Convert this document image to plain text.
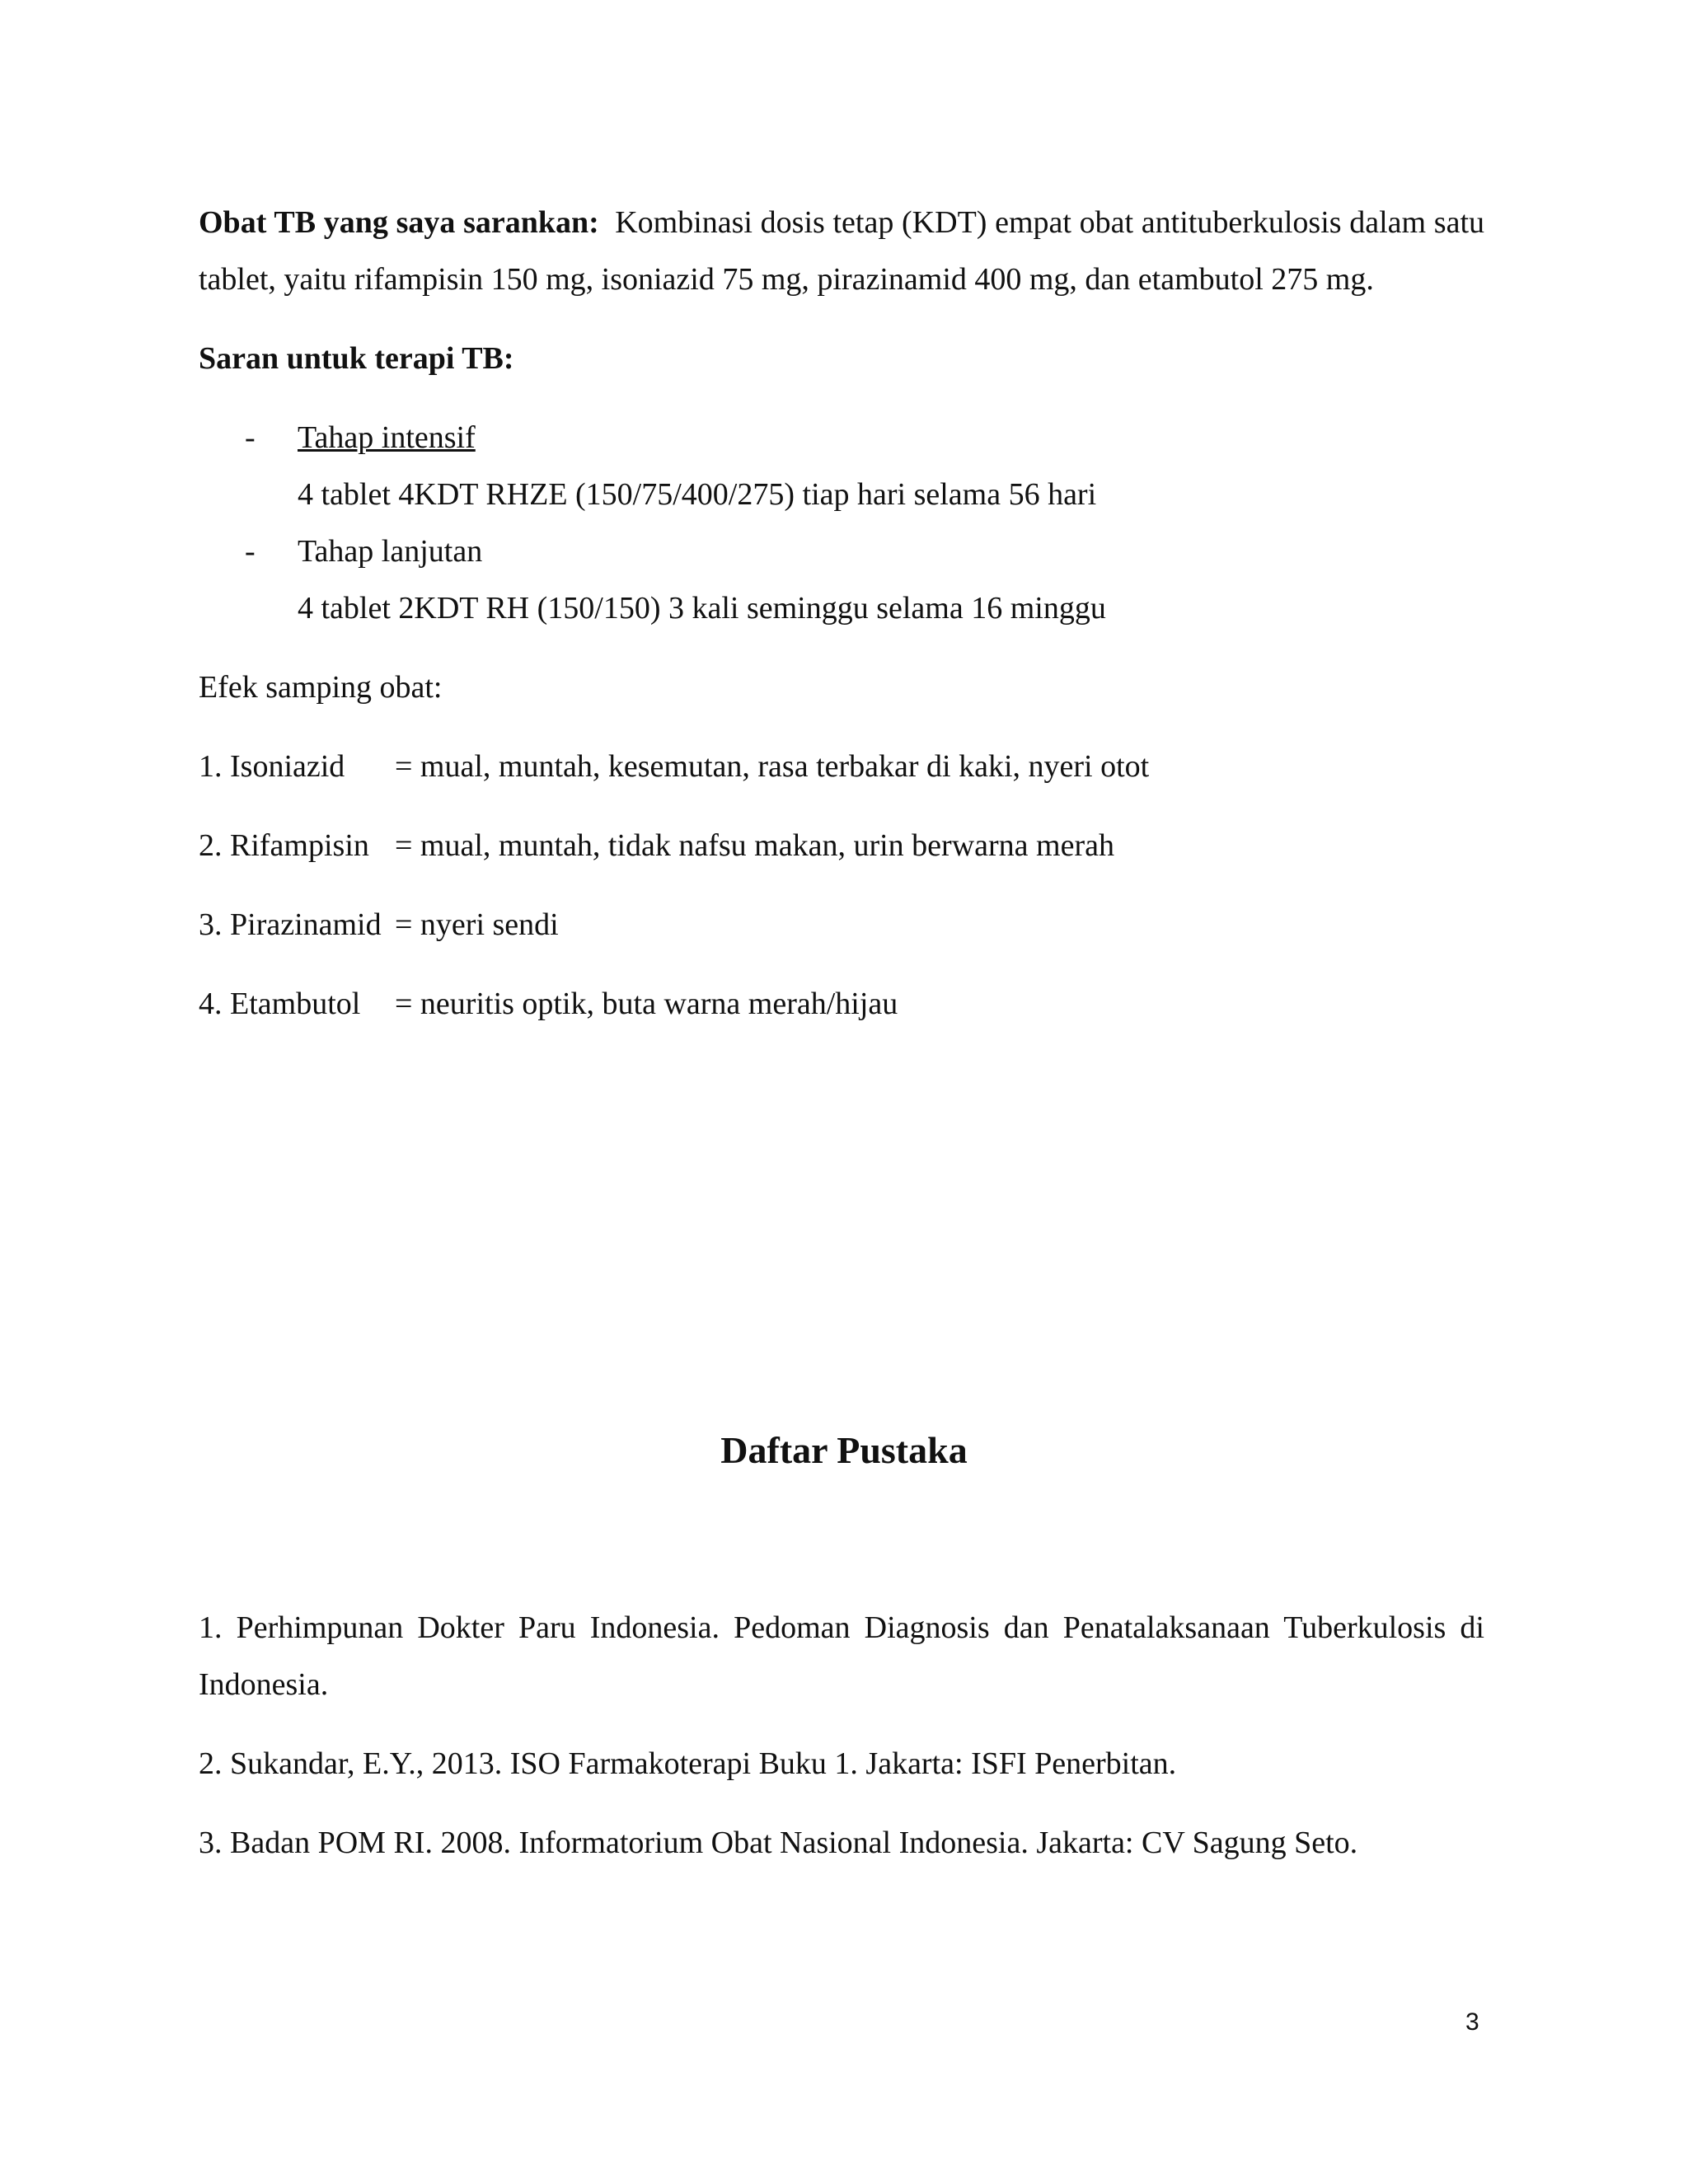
Obat TB yang saya sarankan: Kombinasi dosis tetap (KDT) empat obat antituberkulosis dalam satu tablet, yaitu rifampisin 150 mg, isoniazid 75 mg, pirazinamid 400 mg, dan etambutol 275 mg.

Saran untuk terapi TB:

-	Tahap intensif
4 tablet 4KDT RHZE (150/75/400/275) tiap hari selama 56 hari
-	Tahap lanjutan
4 tablet 2KDT RH (150/150) 3 kali seminggu selama 16 minggu

Efek samping obat:

1. Isoniazid	= mual, muntah, kesemutan, rasa terbakar di kaki, nyeri otot
2. Rifampisin = mual, muntah, tidak nafsu makan, urin berwarna merah
3. Pirazinamid = nyeri sendi
4. Etambutol	= neuritis optik, buta warna merah/hijau
Daftar Pustaka

1. Perhimpunan Dokter Paru Indonesia. Pedoman Diagnosis dan Penatalaksanaan Tuberkulosis di Indonesia.

2. Sukandar, E.Y., 2013. ISO Farmakoterapi Buku 1. Jakarta: ISFI Penerbitan.

3. Badan POM RI. 2008. Informatorium Obat Nasional Indonesia. Jakarta: CV Sagung Seto.

3
